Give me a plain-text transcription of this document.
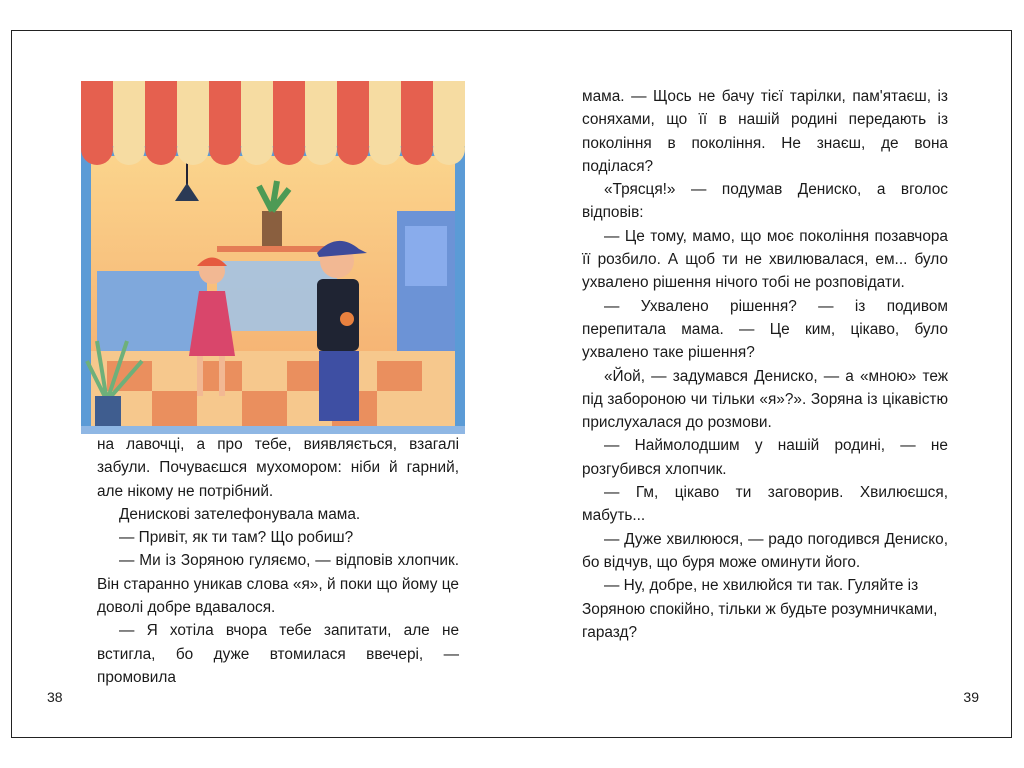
на лавочці, а про тебе, виявляється, взагалі забули. Почуваєшся мухомором: ніби й гарний, але нікому не потрібний.

Денискові зателефонувала мама.

— Привіт, як ти там? Що робиш?

— Ми із Зоряною гуляємо, — відповів хлопчик. Він старанно уникав слова «я», й поки що йому це доволі добре вдавалося.

— Я хотіла вчора тебе запитати, але не встигла, бо дуже втомилася ввечері, — промовила

38

мама. — Щось не бачу тієї тарілки, пам'ятаєш, із соняхами, що її в нашій родині передають із покоління в покоління. Не знаєш, де вона поділася?

«Трясця!» — подумав Дениско, а вголос відповів:

— Це тому, мамо, що моє покоління позавчора її розбило. А щоб ти не хвилювалася, ем... було ухвалено рішення нічого тобі не розповідати.

— Ухвалено рішення? — із подивом перепитала мама. — Це ким, цікаво, було ухвалено таке рішення?

«Йой, — задумався Дениско, — а «мною» теж під забороною чи тільки «я»?». Зоряна із цікавістю прислухалася до розмови.

— Наймолодшим у нашій родині, — не розгубився хлопчик.

— Гм, цікаво ти заговорив. Хвилюєшся, мабуть...

— Дуже хвилююся, — радо погодився Дениско, бо відчув, що буря може оминути його.

— Ну, добре, не хвилюйся ти так. Гуляйте із Зоряною спокійно, тільки ж будьте розумничками, гаразд?

39
